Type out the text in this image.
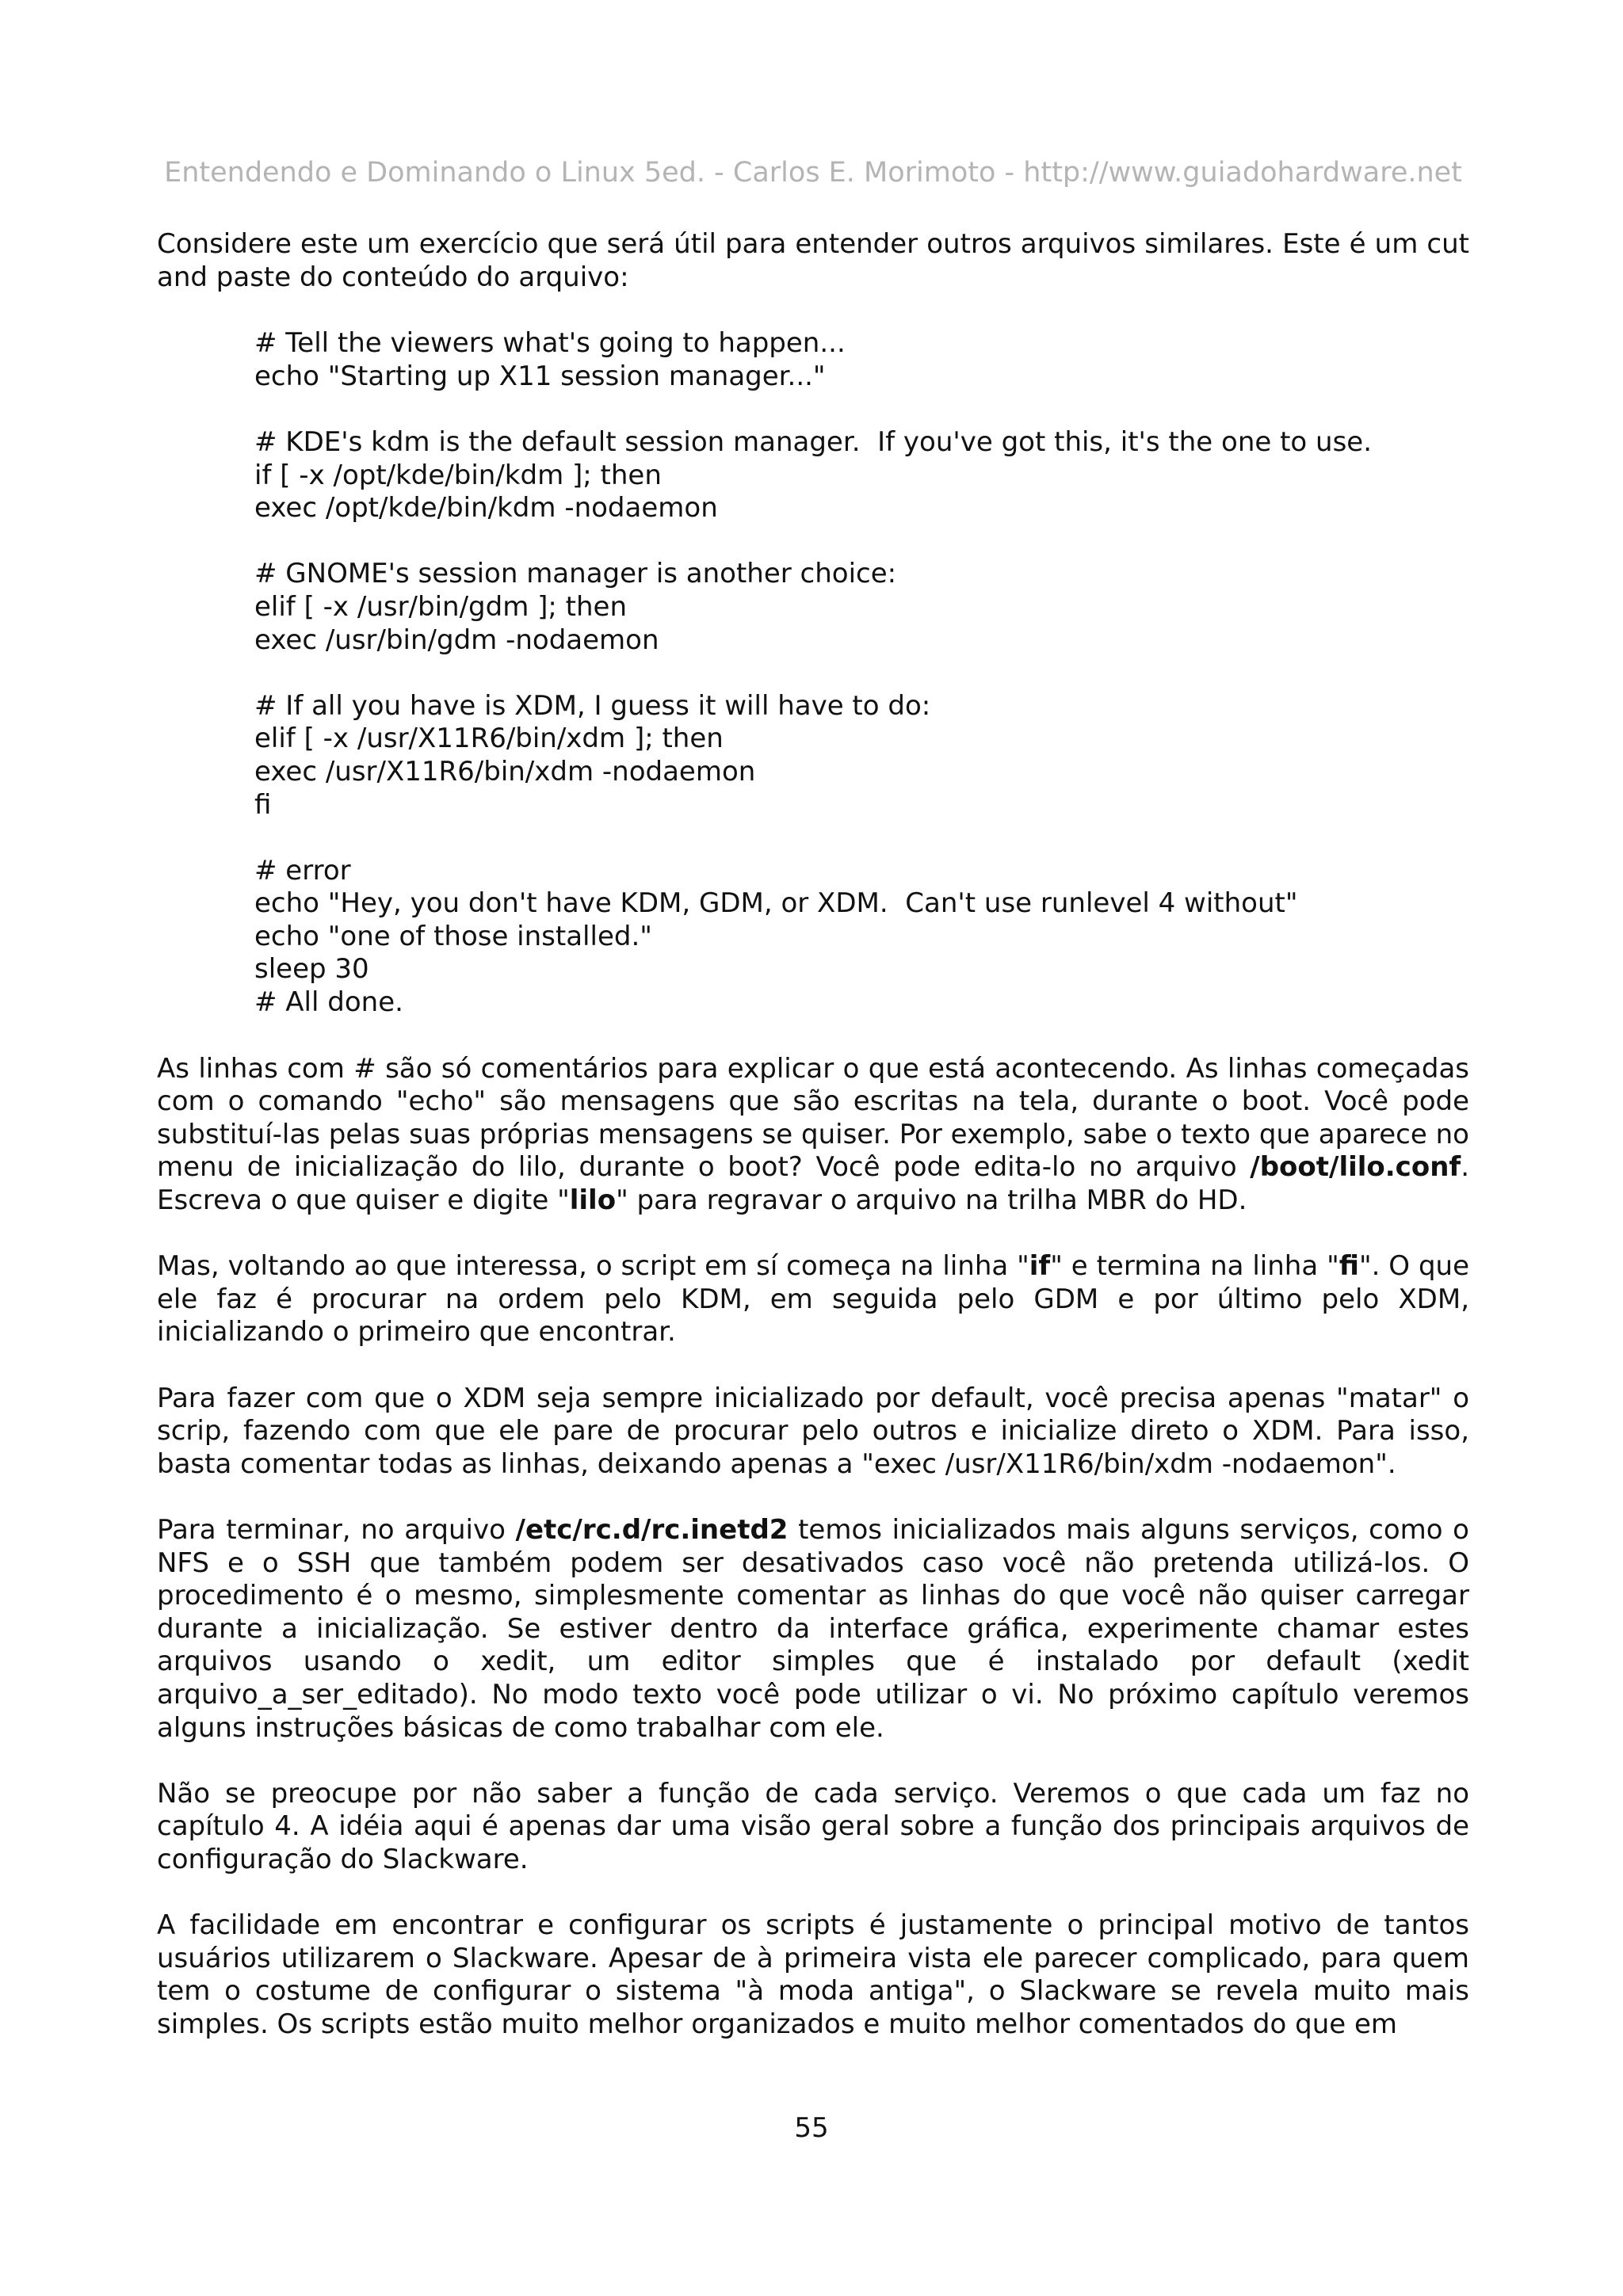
Entendendo e Dominando o Linux 5ed. - Carlos E. Morimoto - http://www.guiadohardware.net

Considere este um exercício que será útil para entender outros arquivos similares. Este é um cut and paste do conteúdo do arquivo:

# Tell the viewers what's going to happen...
echo "Starting up X11 session manager..."
# KDE's kdm is the default session manager.  If you've got this, it's the one to use.
if [ -x /opt/kde/bin/kdm ]; then
exec /opt/kde/bin/kdm -nodaemon
# GNOME's session manager is another choice:
elif [ -x /usr/bin/gdm ]; then
exec /usr/bin/gdm -nodaemon
# If all you have is XDM, I guess it will have to do:
elif [ -x /usr/X11R6/bin/xdm ]; then
exec /usr/X11R6/bin/xdm -nodaemon
fi
# error
echo "Hey, you don't have KDM, GDM, or XDM.  Can't use runlevel 4 without"
echo "one of those installed."
sleep 30
# All done.

As linhas com # são só comentários para explicar o que está acontecendo. As linhas começadas com o comando "echo" são mensagens que são escritas na tela, durante o boot. Você pode substituí-las pelas suas próprias mensagens se quiser. Por exemplo, sabe o texto que aparece no menu de inicialização do lilo, durante o boot? Você pode edita-lo no arquivo /boot/lilo.conf. Escreva o que quiser e digite "lilo" para regravar o arquivo na trilha MBR do HD.

Mas, voltando ao que interessa, o script em sí começa na linha "if" e termina na linha "fi". O que ele faz é procurar na ordem pelo KDM, em seguida pelo GDM e por último pelo XDM, inicializando o primeiro que encontrar.

Para fazer com que o XDM seja sempre inicializado por default, você precisa apenas "matar" o scrip, fazendo com que ele pare de procurar pelo outros e inicialize direto o XDM. Para isso, basta comentar todas as linhas, deixando apenas a "exec /usr/X11R6/bin/xdm -nodaemon".

Para terminar, no arquivo /etc/rc.d/rc.inetd2 temos inicializados mais alguns serviços, como o NFS e o SSH que também podem ser desativados caso você não pretenda utilizá-los. O procedimento é o mesmo, simplesmente comentar as linhas do que você não quiser carregar durante a inicialização. Se estiver dentro da interface gráfica, experimente chamar estes arquivos usando o xedit, um editor simples que é instalado por default (xedit arquivo_a_ser_editado). No modo texto você pode utilizar o vi. No próximo capítulo veremos alguns instruções básicas de como trabalhar com ele.

Não se preocupe por não saber a função de cada serviço. Veremos o que cada um faz no capítulo 4. A idéia aqui é apenas dar uma visão geral sobre a função dos principais arquivos de configuração do Slackware.

A facilidade em encontrar e configurar os scripts é justamente o principal motivo de tantos usuários utilizarem o Slackware. Apesar de à primeira vista ele parecer complicado, para quem tem o costume de configurar o sistema "à moda antiga", o Slackware se revela muito mais simples. Os scripts estão muito melhor organizados e muito melhor comentados do que em

55
